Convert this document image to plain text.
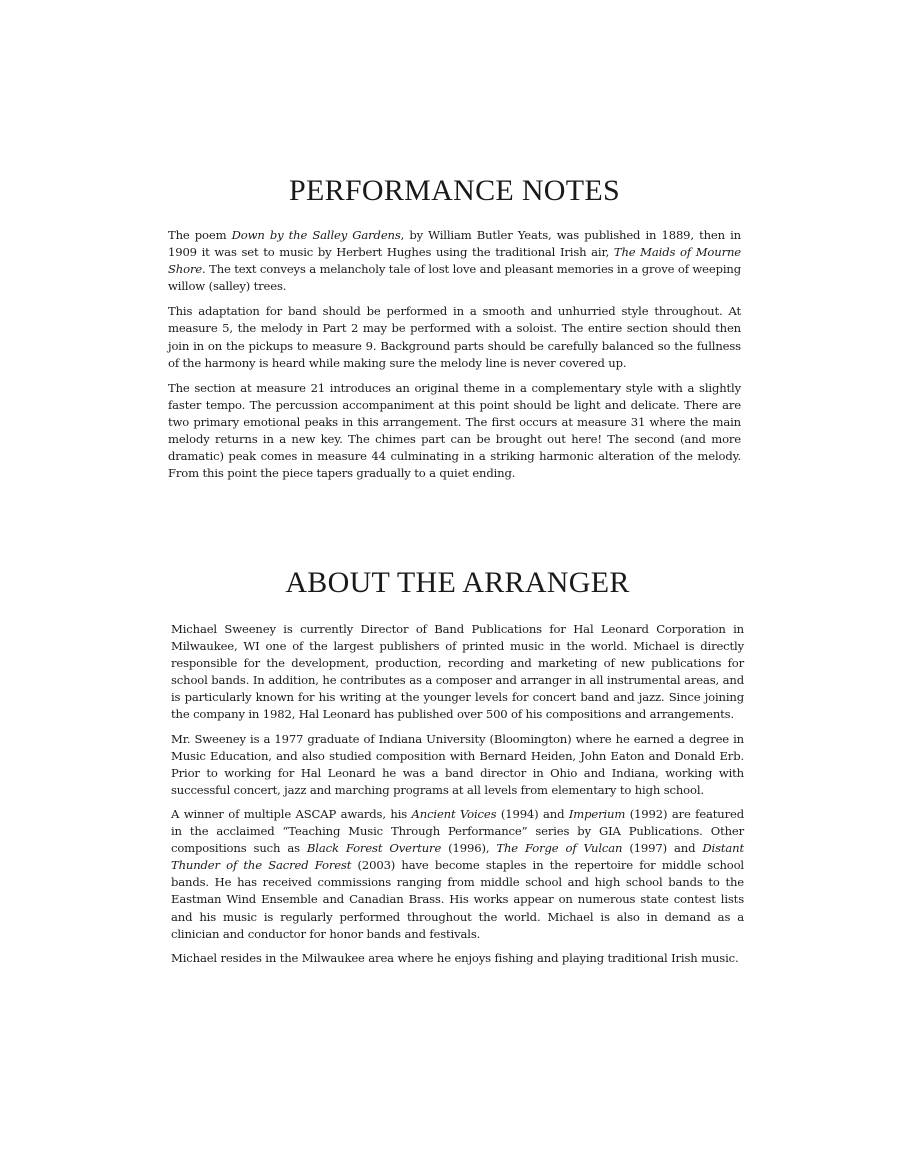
PERFORMANCE NOTES

The poem Down by the Salley Gardens, by William Butler Yeats, was published in 1889, then in 1909 it was set to music by Herbert Hughes using the traditional Irish air, The Maids of Mourne Shore. The text conveys a melancholy tale of lost love and pleasant memories in a grove of weeping willow (salley) trees.

This adaptation for band should be performed in a smooth and unhurried style throughout. At measure 5, the melody in Part 2 may be performed with a soloist. The entire section should then join in on the pickups to measure 9. Background parts should be carefully balanced so the fullness of the harmony is heard while making sure the melody line is never covered up.

The section at measure 21 introduces an original theme in a complementary style with a slightly faster tempo. The percussion accompaniment at this point should be light and delicate. There are two primary emotional peaks in this arrangement. The first occurs at measure 31 where the main melody returns in a new key. The chimes part can be brought out here! The second (and more dramatic) peak comes in measure 44 culminating in a striking harmonic alteration of the melody. From this point the piece tapers gradually to a quiet ending.

ABOUT THE ARRANGER

Michael Sweeney is currently Director of Band Publications for Hal Leonard Corporation in Milwaukee, WI one of the largest publishers of printed music in the world. Michael is directly responsible for the development, production, recording and marketing of new publications for school bands. In addition, he contributes as a composer and arranger in all instrumental areas, and is particularly known for his writing at the younger levels for concert band and jazz. Since joining the company in 1982, Hal Leonard has published over 500 of his compositions and arrangements.

Mr. Sweeney is a 1977 graduate of Indiana University (Bloomington) where he earned a degree in Music Education, and also studied composition with Bernard Heiden, John Eaton and Donald Erb. Prior to working for Hal Leonard he was a band director in Ohio and Indiana, working with successful concert, jazz and marching programs at all levels from elementary to high school.

A winner of multiple ASCAP awards, his Ancient Voices (1994) and Imperium (1992) are featured in the acclaimed “Teaching Music Through Performance” series by GIA Publications. Other compositions such as Black Forest Overture (1996), The Forge of Vulcan (1997) and Distant Thunder of the Sacred Forest (2003) have become staples in the repertoire for middle school bands. He has received commissions ranging from middle school and high school bands to the Eastman Wind Ensemble and Canadian Brass. His works appear on numerous state contest lists and his music is regularly performed throughout the world. Michael is also in demand as a clinician and conductor for honor bands and festivals.

Michael resides in the Milwaukee area where he enjoys fishing and playing traditional Irish music.
